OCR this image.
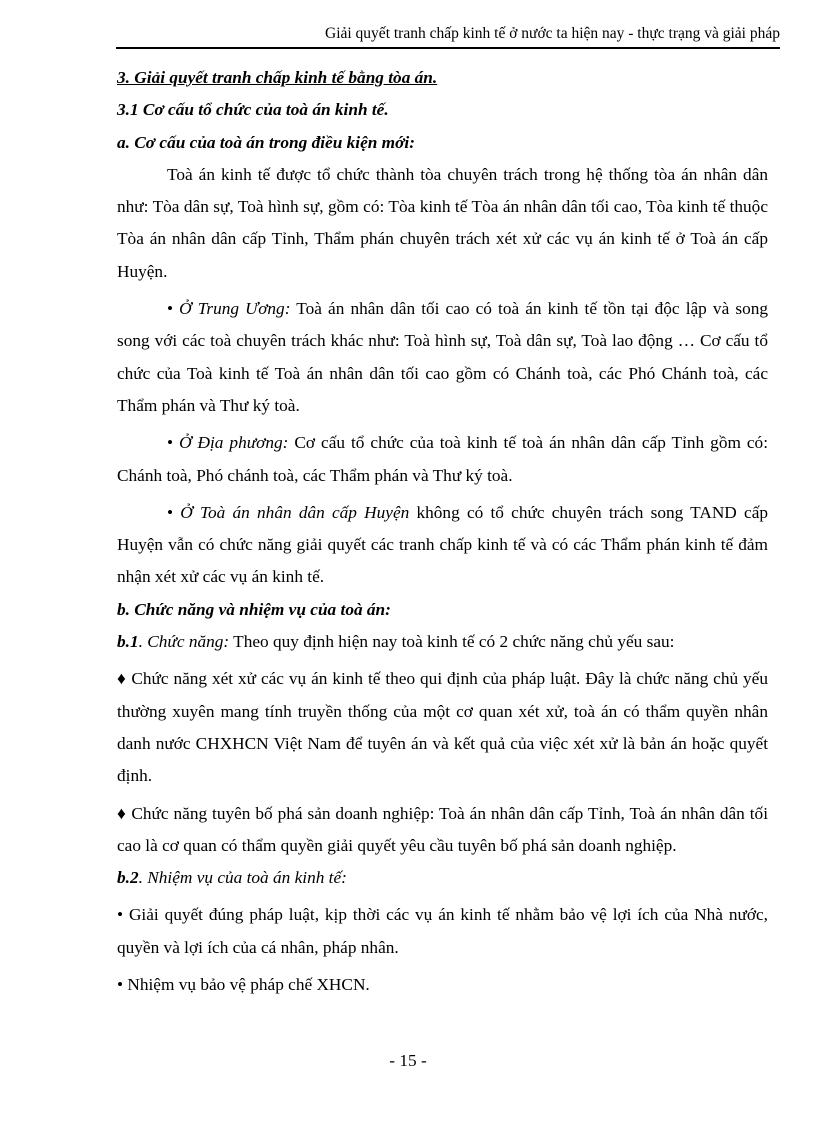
Giải quyết tranh chấp kinh tế ở nước ta hiện nay - thực trạng và giải pháp

3. Giải quyết tranh chấp kinh tế bằng tòa án.

3.1 Cơ cấu tổ chức của toà án kinh tế.

a. Cơ cấu của toà án trong điều kiện mới:

Toà án kinh tế được tổ chức thành tòa chuyên trách trong hệ thống tòa án nhân dân như: Tòa dân sự, Toà hình sự, gồm có: Tòa kinh tế Tòa án nhân dân tối cao, Tòa kinh tế thuộc Tòa án nhân dân cấp Tỉnh, Thẩm phán chuyên trách xét xử các vụ án kinh tế ở Toà án cấp Huyện.

• Ở Trung Ương: Toà án nhân dân tối cao có toà án kinh tế tồn tại độc lập và song song với các toà chuyên trách khác như: Toà hình sự, Toà dân sự, Toà lao động … Cơ cấu tổ chức của Toà kinh tế Toà án nhân dân tối cao gồm có Chánh toà, các Phó Chánh toà, các Thẩm phán và Thư ký toà.

• Ở Địa phương: Cơ cấu tổ chức của toà kinh tế toà án nhân dân cấp Tỉnh gồm có: Chánh toà, Phó chánh toà, các Thẩm phán và Thư ký toà.

• Ở Toà án nhân dân cấp Huyện không có tổ chức chuyên trách song TAND cấp Huyện vẫn có chức năng giải quyết các tranh chấp kinh tế và có các Thẩm phán kinh tế đảm nhận xét xử các vụ án kinh tế.

b. Chức năng và nhiệm vụ của toà án:

b.1. Chức năng: Theo quy định hiện nay toà kinh tế có 2 chức năng chủ yếu sau:

♦ Chức năng xét xử các vụ án kinh tế theo qui định của pháp luật. Đây là chức năng chủ yếu thường xuyên mang tính truyền thống của một cơ quan xét xử, toà án có thẩm quyền nhân danh nước CHXHCN Việt Nam để tuyên án và kết quả của việc xét xử là bản án hoặc quyết định.

♦ Chức năng tuyên bố phá sản doanh nghiệp: Toà án nhân dân cấp Tỉnh, Toà án nhân dân tối cao là cơ quan có thẩm quyền giải quyết yêu cầu tuyên bố phá sản doanh nghiệp.

b.2. Nhiệm vụ của toà án kinh tế:

• Giải quyết đúng pháp luật, kịp thời các vụ án kinh tế nhằm bảo vệ lợi ích của Nhà nước, quyền và lợi ích của cá nhân, pháp nhân.

• Nhiệm vụ bảo vệ pháp chế XHCN.

- 15 -
